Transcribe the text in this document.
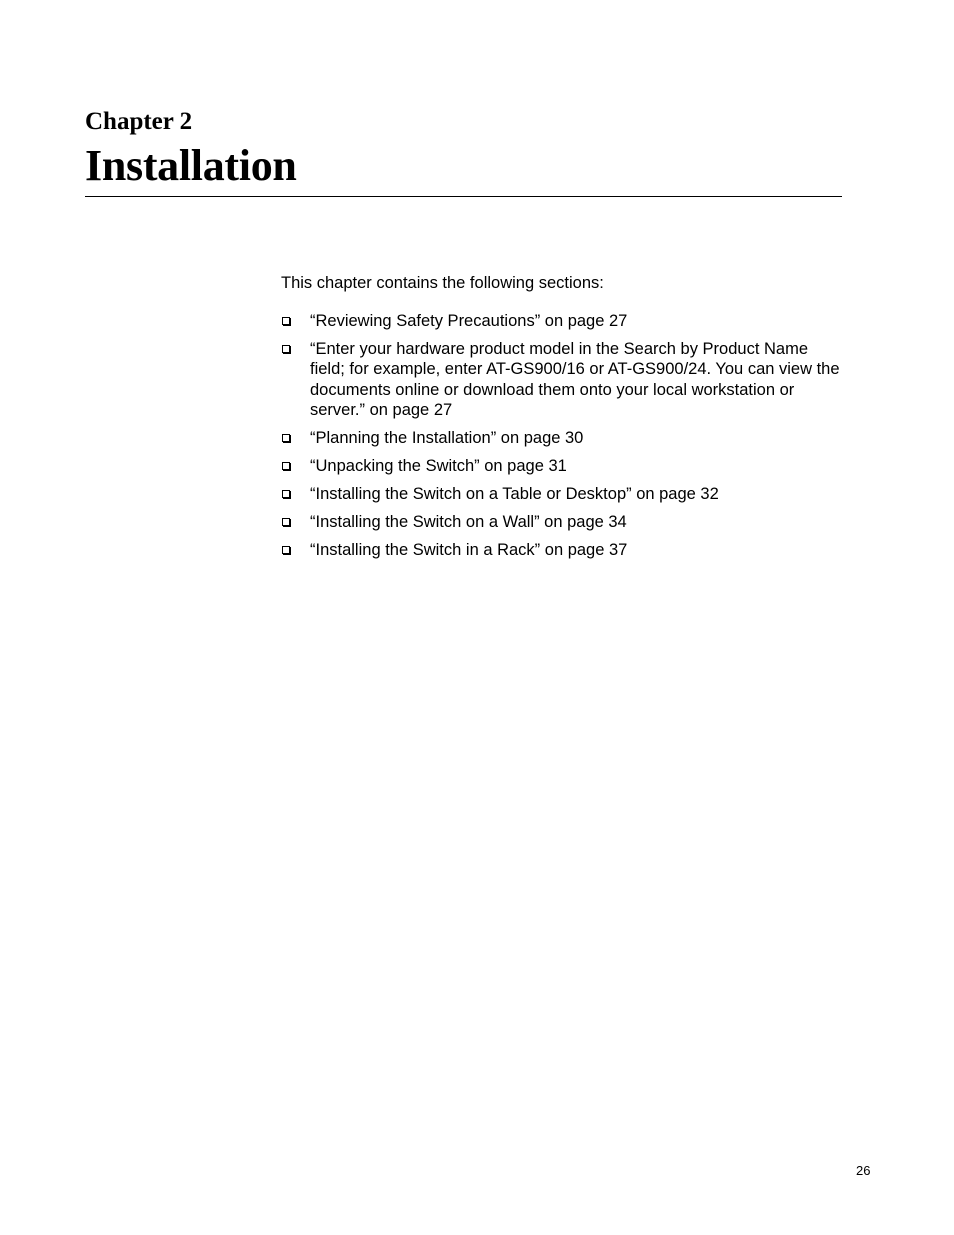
Chapter 2
Installation

This chapter contains the following sections:

“Reviewing Safety Precautions” on page 27
“Enter your hardware product model in the Search by Product Name field; for example, enter AT-GS900/16 or AT-GS900/24. You can view the documents online or download them onto your local workstation or server.” on page 27
“Planning the Installation” on page 30
“Unpacking the Switch” on page 31
“Installing the Switch on a Table or Desktop” on page 32
“Installing the Switch on a Wall” on page 34
“Installing the Switch in a Rack” on page 37
26
